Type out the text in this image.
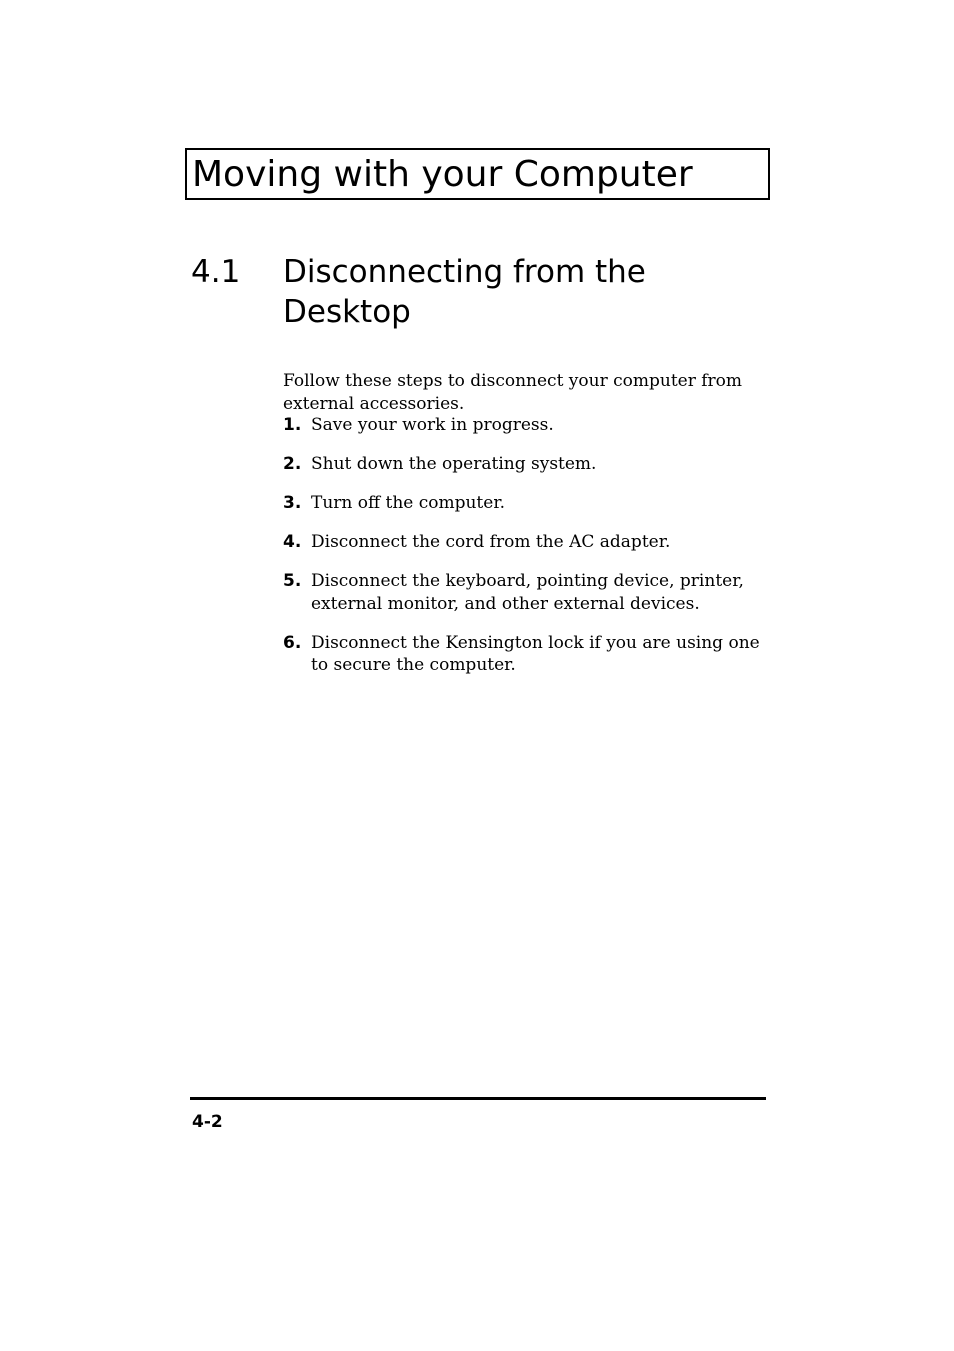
Moving with your Computer
4.1 Disconnecting from the Desktop

Follow these steps to disconnect your computer from external accessories.

1. Save your work in progress.
2. Shut down the operating system.
3. Turn off the computer.
4. Disconnect the cord from the AC adapter.
5. Disconnect the keyboard, pointing device, printer, external monitor, and other external devices.
6. Disconnect the Kensington lock if you are using one to secure the computer.
4-2
